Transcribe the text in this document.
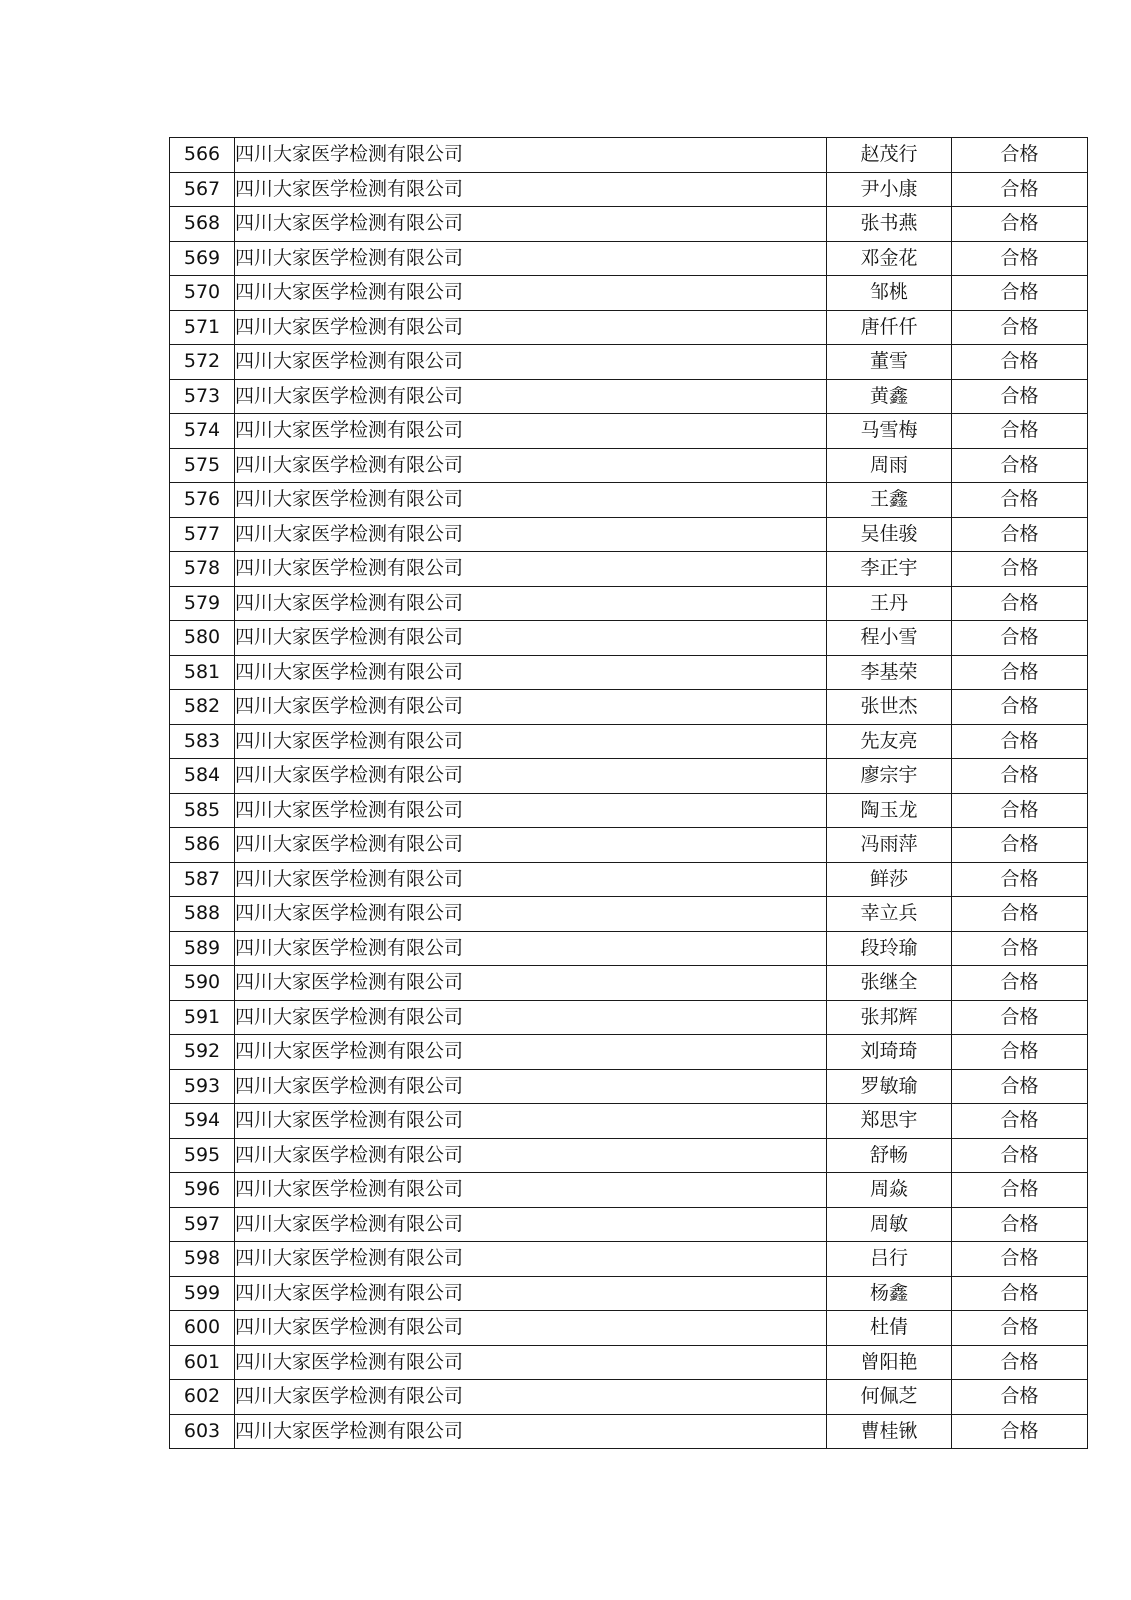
566	四川大家医学检测有限公司	赵茂行	合格
567	四川大家医学检测有限公司	尹小康	合格
568	四川大家医学检测有限公司	张书燕	合格
569	四川大家医学检测有限公司	邓金花	合格
570	四川大家医学检测有限公司	邹桃	合格
571	四川大家医学检测有限公司	唐仟仟	合格
572	四川大家医学检测有限公司	董雪	合格
573	四川大家医学检测有限公司	黄鑫	合格
574	四川大家医学检测有限公司	马雪梅	合格
575	四川大家医学检测有限公司	周雨	合格
576	四川大家医学检测有限公司	王鑫	合格
577	四川大家医学检测有限公司	吴佳骏	合格
578	四川大家医学检测有限公司	李正宇	合格
579	四川大家医学检测有限公司	王丹	合格
580	四川大家医学检测有限公司	程小雪	合格
581	四川大家医学检测有限公司	李基荣	合格
582	四川大家医学检测有限公司	张世杰	合格
583	四川大家医学检测有限公司	先友亮	合格
584	四川大家医学检测有限公司	廖宗宇	合格
585	四川大家医学检测有限公司	陶玉龙	合格
586	四川大家医学检测有限公司	冯雨萍	合格
587	四川大家医学检测有限公司	鲜莎	合格
588	四川大家医学检测有限公司	幸立兵	合格
589	四川大家医学检测有限公司	段玲瑜	合格
590	四川大家医学检测有限公司	张继全	合格
591	四川大家医学检测有限公司	张邦辉	合格
592	四川大家医学检测有限公司	刘琦琦	合格
593	四川大家医学检测有限公司	罗敏瑜	合格
594	四川大家医学检测有限公司	郑思宇	合格
595	四川大家医学检测有限公司	舒畅	合格
596	四川大家医学检测有限公司	周焱	合格
597	四川大家医学检测有限公司	周敏	合格
598	四川大家医学检测有限公司	吕行	合格
599	四川大家医学检测有限公司	杨鑫	合格
600	四川大家医学检测有限公司	杜倩	合格
601	四川大家医学检测有限公司	曾阳艳	合格
602	四川大家医学检测有限公司	何佩芝	合格
603	四川大家医学检测有限公司	曹桂锹	合格
